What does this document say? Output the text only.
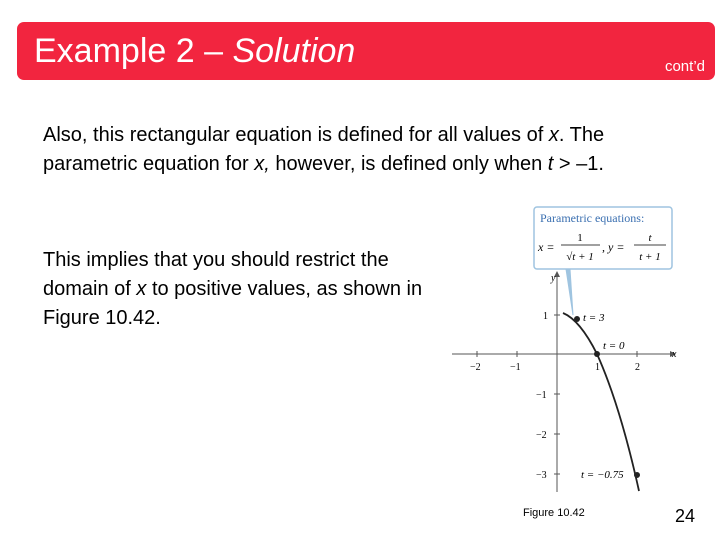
Example 2 – Solution	cont’d

Also, this rectangular equation is defined for all values of x. The parametric equation for x, however, is defined only when t > –1.

This implies that you should restrict the domain of x to positive values, as shown in Figure 10.42.

Parametric equations:
x =
1
√t + 1
, y =
t
t + 1
x
y
−2	−1	1	2
1
−1
−2
−3
t = 3
t = 0
t = −0.75
Figure 10.42	24
